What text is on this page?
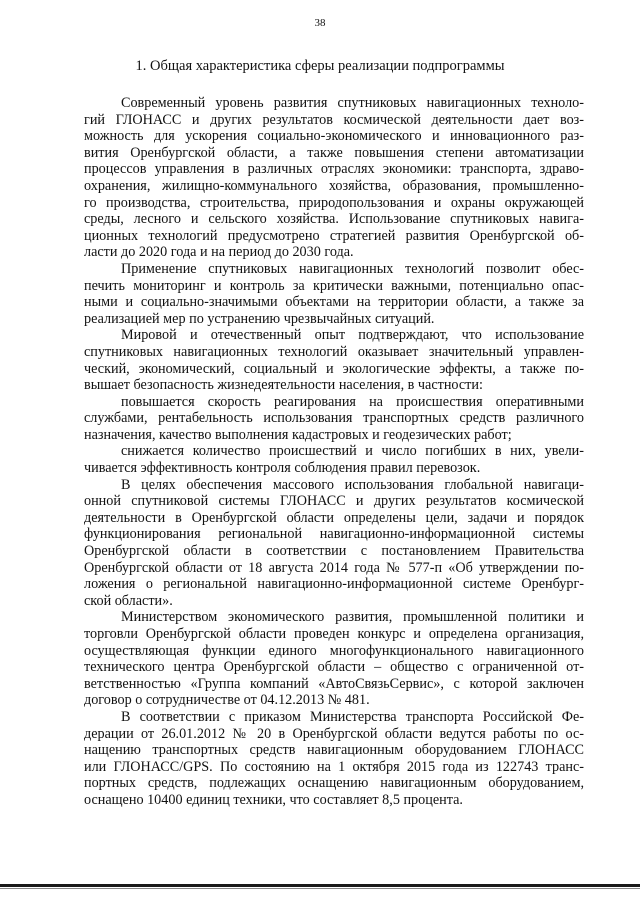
38
1. Общая характеристика сферы реализации подпрограммы
Современный уровень развития спутниковых навигационных техноло-
гий ГЛОНАСС и других результатов космической деятельности дает воз-
можность для ускорения социально-экономического и инновационного раз-
вития Оренбургской области, а также повышения степени автоматизации
процессов управления в различных отраслях экономики: транспорта, здраво-
охранения, жилищно-коммунального хозяйства, образования, промышленно-
го производства, строительства, природопользования и охраны окружающей
среды, лесного и сельского хозяйства. Использование спутниковых навига-
ционных технологий предусмотрено стратегией развития Оренбургской об-
ласти до 2020 года и на период до 2030 года.
Применение спутниковых навигационных технологий позволит обес-
печить мониторинг и контроль за критически важными, потенциально опас-
ными и социально-значимыми объектами на территории области, а также за
реализацией мер по устранению чрезвычайных ситуаций.
Мировой и отечественный опыт подтверждают, что использование
спутниковых навигационных технологий оказывает значительный управлен-
ческий, экономический, социальный и экологические эффекты, а также по-
вышает безопасность жизнедеятельности населения, в частности:
повышается скорость реагирования на происшествия оперативными
службами, рентабельность использования транспортных средств различного
назначения, качество выполнения кадастровых и геодезических работ;
снижается количество происшествий и число погибших в них, увели-
чивается эффективность контроля соблюдения правил перевозок.
В целях обеспечения массового использования глобальной навигаци-
онной спутниковой системы ГЛОНАСС и других результатов космической
деятельности в Оренбургской области определены цели, задачи и порядок
функционирования региональной навигационно-информационной системы
Оренбургской области в соответствии с постановлением Правительства
Оренбургской области от 18 августа 2014 года № 577-п «Об утверждении по-
ложения о региональной навигационно-информационной системе Оренбург-
ской области».
Министерством экономического развития, промышленной политики и
торговли Оренбургской области проведен конкурс и определена организация,
осуществляющая функции единого многофункционального навигационного
технического центра Оренбургской области – общество с ограниченной от-
ветственностью «Группа компаний «АвтоСвязьСервис», с которой заключен
договор о сотрудничестве от 04.12.2013 № 481.
В соответствии с приказом Министерства транспорта Российской Фе-
дерации от 26.01.2012 № 20 в Оренбургской области ведутся работы по ос-
нащению транспортных средств навигационным оборудованием ГЛОНАСС
или ГЛОНАСС/GPS. По состоянию на 1 октября 2015 года из 122743 транс-
портных средств, подлежащих оснащению навигационным оборудованием,
оснащено 10400 единиц техники, что составляет 8,5 процента.
